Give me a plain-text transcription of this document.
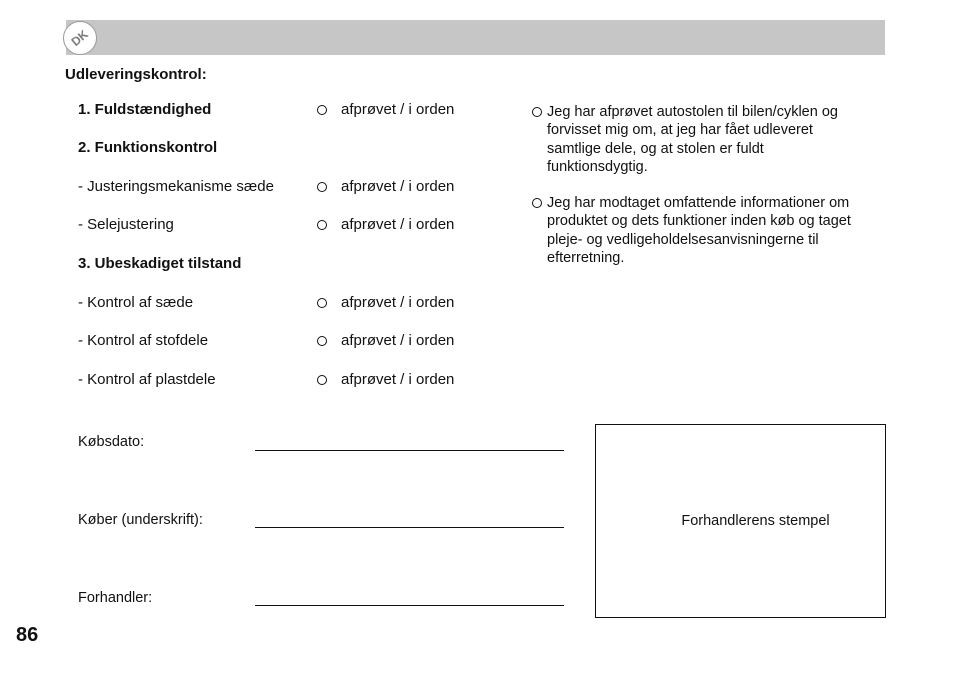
DK
Udleveringskontrol:
1. Fuldstændighed	afprøvet / i orden
2. Funktionskontrol
- Justeringsmekanisme sæde	afprøvet / i orden
- Selejustering	afprøvet / i orden
3. Ubeskadiget tilstand
- Kontrol af sæde	afprøvet / i orden
- Kontrol af stofdele	afprøvet / i orden
- Kontrol af plastdele	afprøvet / i orden
Jeg har afprøvet autostolen til bilen/cyklen og
forvisset mig om, at jeg har fået udleveret
samtlige dele, og at stolen er fuldt
funktionsdygtig.
Jeg har modtaget omfattende informationer om
produktet og dets funktioner inden køb og taget
pleje- og vedligeholdelsesanvisningerne til
efterretning.
Købsdato:
Køber (underskrift):
Forhandler:
Forhandlerens stempel
86
